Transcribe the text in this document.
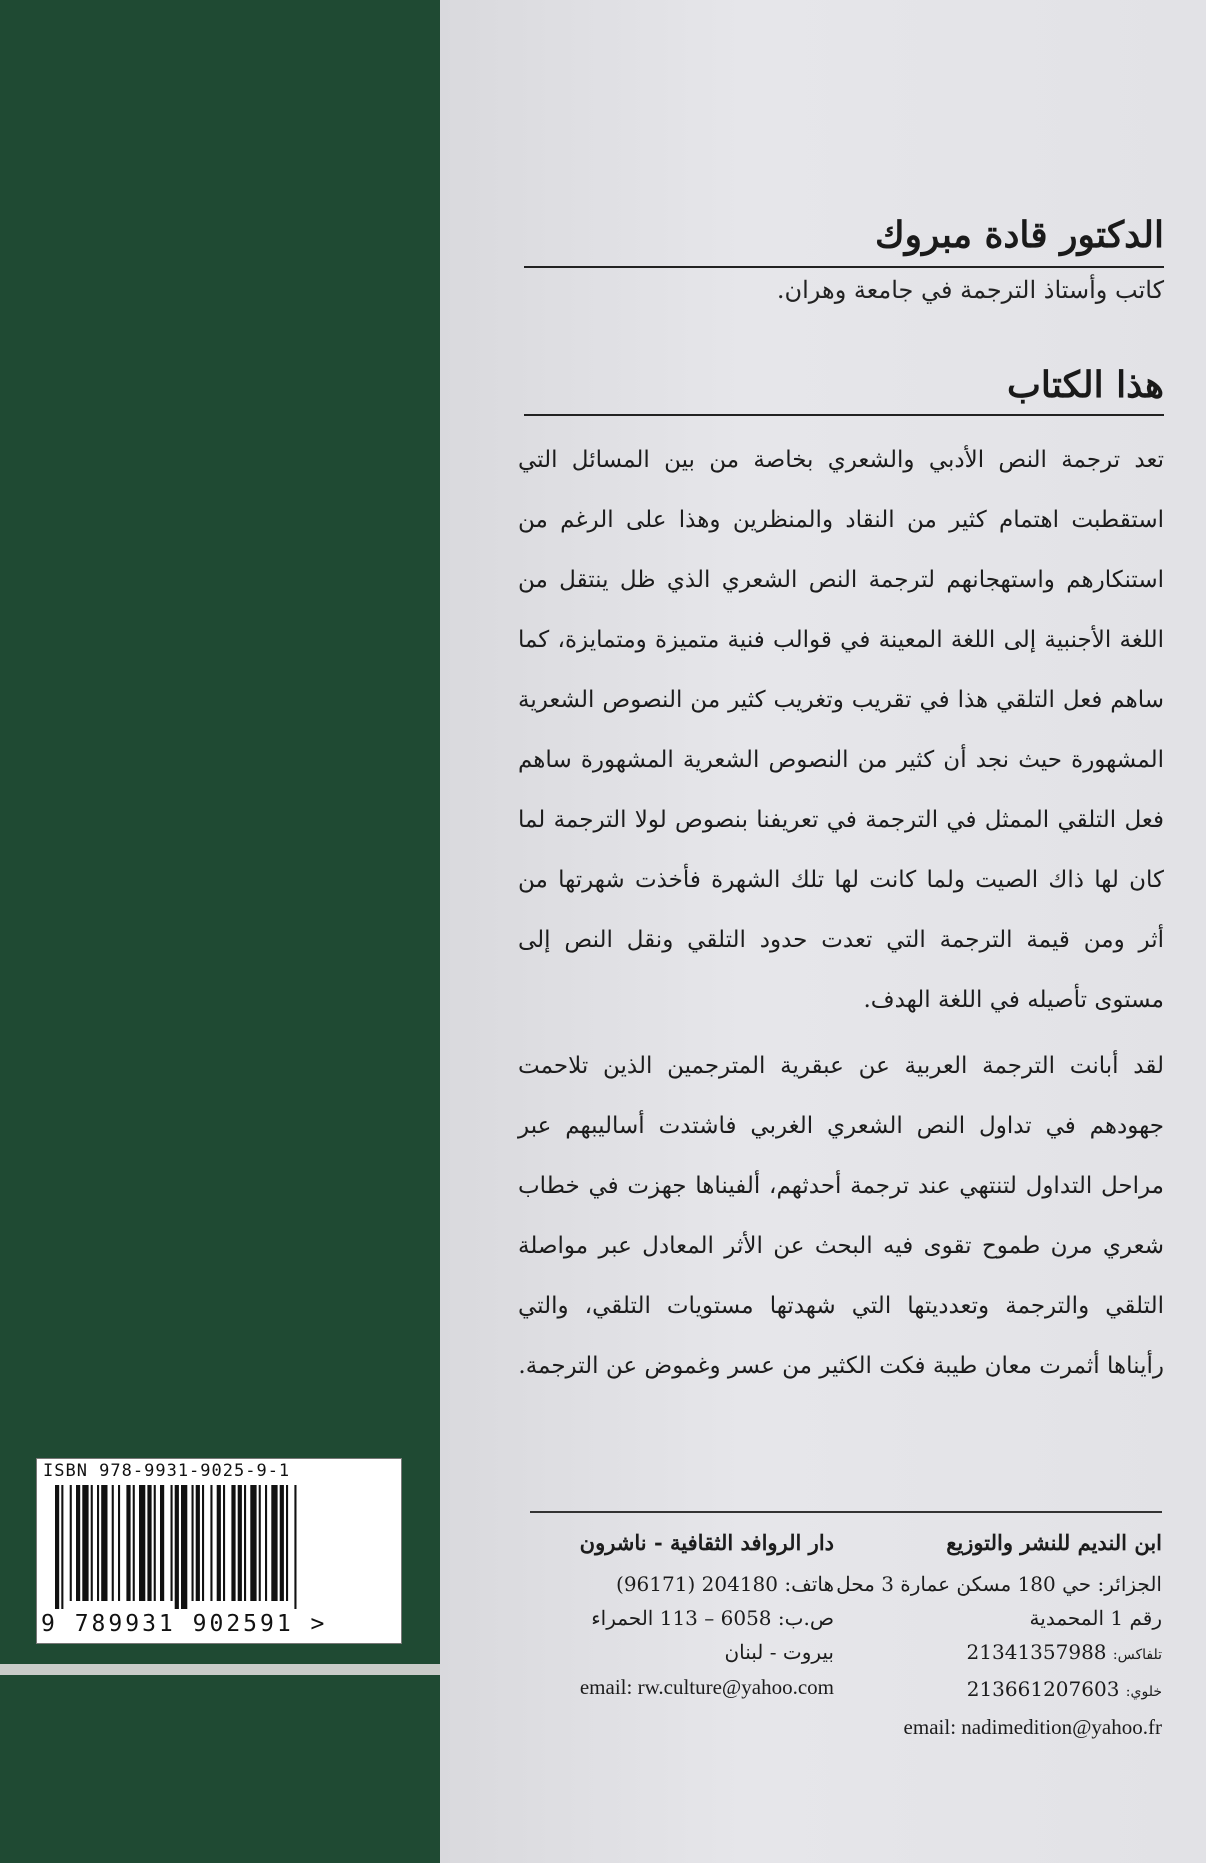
ISBN 978-9931-9025-9-1
9 789931 902591 >
الدكتور قادة مبروك
كاتب وأستاذ الترجمة في جامعة وهران.
هذا الكتاب

تعد ترجمة النص الأدبي والشعري بخاصة من بين المسائل التي استقطبت اهتمام كثير من النقاد والمنظرين وهذا على الرغم من استنكارهم واستهجانهم لترجمة النص الشعري الذي ظل ينتقل من اللغة الأجنبية إلى اللغة المعينة في قوالب فنية متميزة ومتمايزة، كما ساهم فعل التلقي هذا في تقريب وتغريب كثير من النصوص الشعرية المشهورة حيث نجد أن كثير من النصوص الشعرية المشهورة ساهم فعل التلقي الممثل في الترجمة في تعريفنا بنصوص لولا الترجمة لما كان لها ذاك الصيت ولما كانت لها تلك الشهرة فأخذت شهرتها من أثر ومن قيمة الترجمة التي تعدت حدود التلقي ونقل النص إلى مستوى تأصيله في اللغة الهدف.

لقد أبانت الترجمة العربية عن عبقرية المترجمين الذين تلاحمت جهودهم في تداول النص الشعري الغربي فاشتدت أساليبهم عبر مراحل التداول لتنتهي عند ترجمة أحدثهم، ألفيناها جهزت في خطاب شعري مرن طموح تقوى فيه البحث عن الأثر المعادل عبر مواصلة التلقي والترجمة وتعدديتها التي شهدتها مستويات التلقي، والتي رأيناها أثمرت معان طيبة فكت الكثير من عسر وغموض عن الترجمة.

ابن النديم للنشر والتوزيع
الجزائر: حي 180 مسكن عمارة 3 محل
رقم 1 المحمدية
تلفاكس: 21341357988
خلوي: 213661207603
email: nadimedition@yahoo.fr
دار الروافد الثقافية - ناشرون
هاتف: 204180 (96171)
ص.ب: 6058 – 113 الحمراء
بيروت - لبنان
email: rw.culture@yahoo.com
